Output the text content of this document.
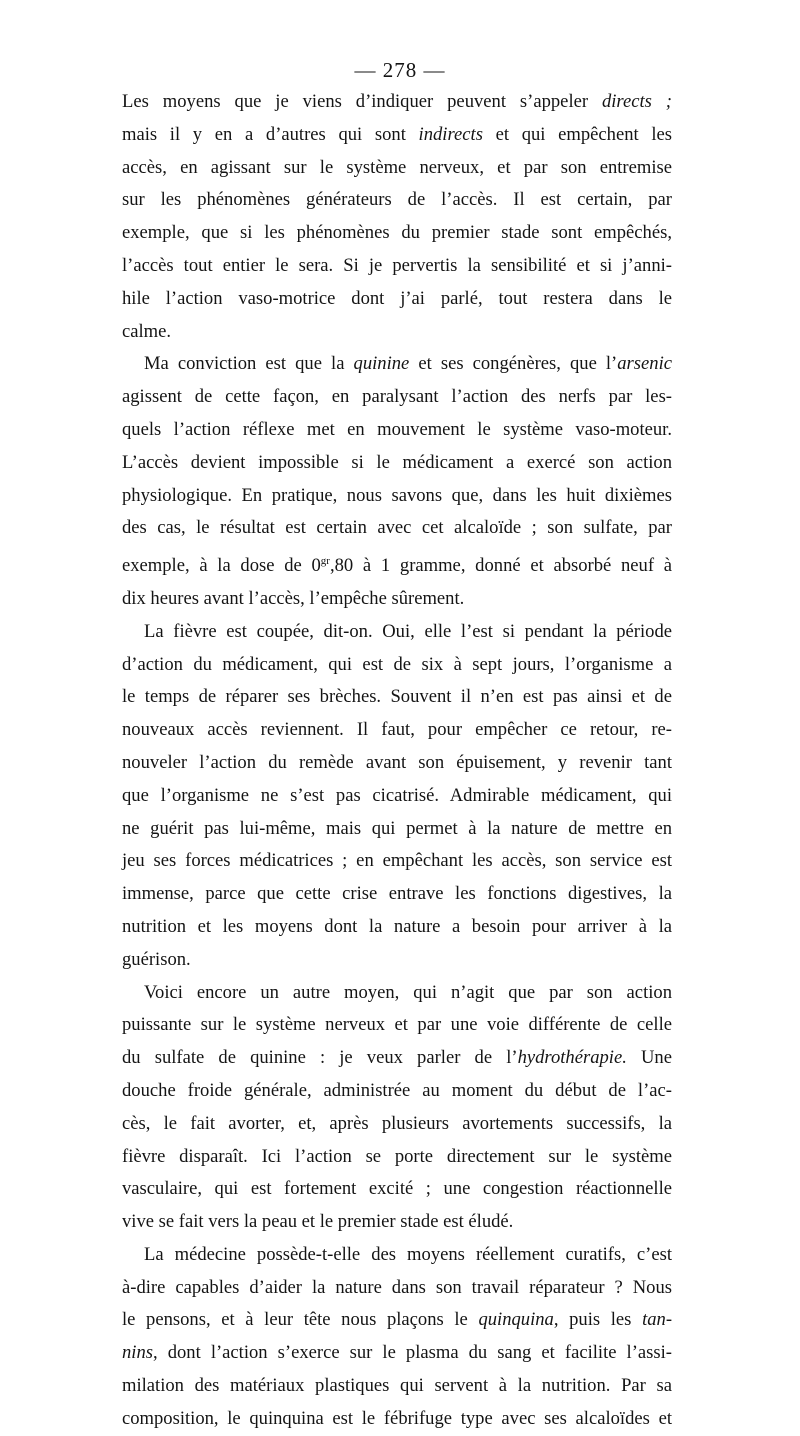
— 278 —
Les moyens que je viens d’indiquer peuvent s’appeler directs ;
mais il y en a d’autres qui sont indirects et qui empêchent les
accès, en agissant sur le système nerveux, et par son entremise
sur les phénomènes générateurs de l’accès. Il est certain, par
exemple, que si les phénomènes du premier stade sont empêchés,
l’accès tout entier le sera. Si je pervertis la sensibilité et si j’anni-
hile l’action vaso-motrice dont j’ai parlé, tout restera dans le
calme.
Ma conviction est que la quinine et ses congénères, que l’arsenic
agissent de cette façon, en paralysant l’action des nerfs par les-
quels l’action réflexe met en mouvement le système vaso-moteur.
L’accès devient impossible si le médicament a exercé son action
physiologique. En pratique, nous savons que, dans les huit dixièmes
des cas, le résultat est certain avec cet alcaloïde ; son sulfate, par
exemple, à la dose de $0^{gr},80$ à 1 gramme, donné et absorbé neuf à
dix heures avant l’accès, l’empêche sûrement.
La fièvre est coupée, dit-on. Oui, elle l’est si pendant la période
d’action du médicament, qui est de six à sept jours, l’organisme a
le temps de réparer ses brèches. Souvent il n’en est pas ainsi et de
nouveaux accès reviennent. Il faut, pour empêcher ce retour, re-
nouveler l’action du remède avant son épuisement, y revenir tant
que l’organisme ne s’est pas cicatrisé. Admirable médicament, qui
ne guérit pas lui-même, mais qui permet à la nature de mettre en
jeu ses forces médicatrices ; en empêchant les accès, son service est
immense, parce que cette crise entrave les fonctions digestives, la
nutrition et les moyens dont la nature a besoin pour arriver à la
guérison.
Voici encore un autre moyen, qui n’agit que par son action
puissante sur le système nerveux et par une voie différente de celle
du sulfate de quinine : je veux parler de l’hydrothérapie. Une
douche froide générale, administrée au moment du début de l’ac-
cès, le fait avorter, et, après plusieurs avortements successifs, la
fièvre disparaît. Ici l’action se porte directement sur le système
vasculaire, qui est fortement excité ; une congestion réactionnelle
vive se fait vers la peau et le premier stade est éludé.
La médecine possède-t-elle des moyens réellement curatifs, c’est
à-dire capables d’aider la nature dans son travail réparateur ? Nous
le pensons, et à leur tête nous plaçons le quinquina, puis les tan-
nins, dont l’action s’exerce sur le plasma du sang et facilite l’assi-
milation des matériaux plastiques qui servent à la nutrition. Par sa
composition, le quinquina est le fébrifuge type avec ses alcaloïdes et
